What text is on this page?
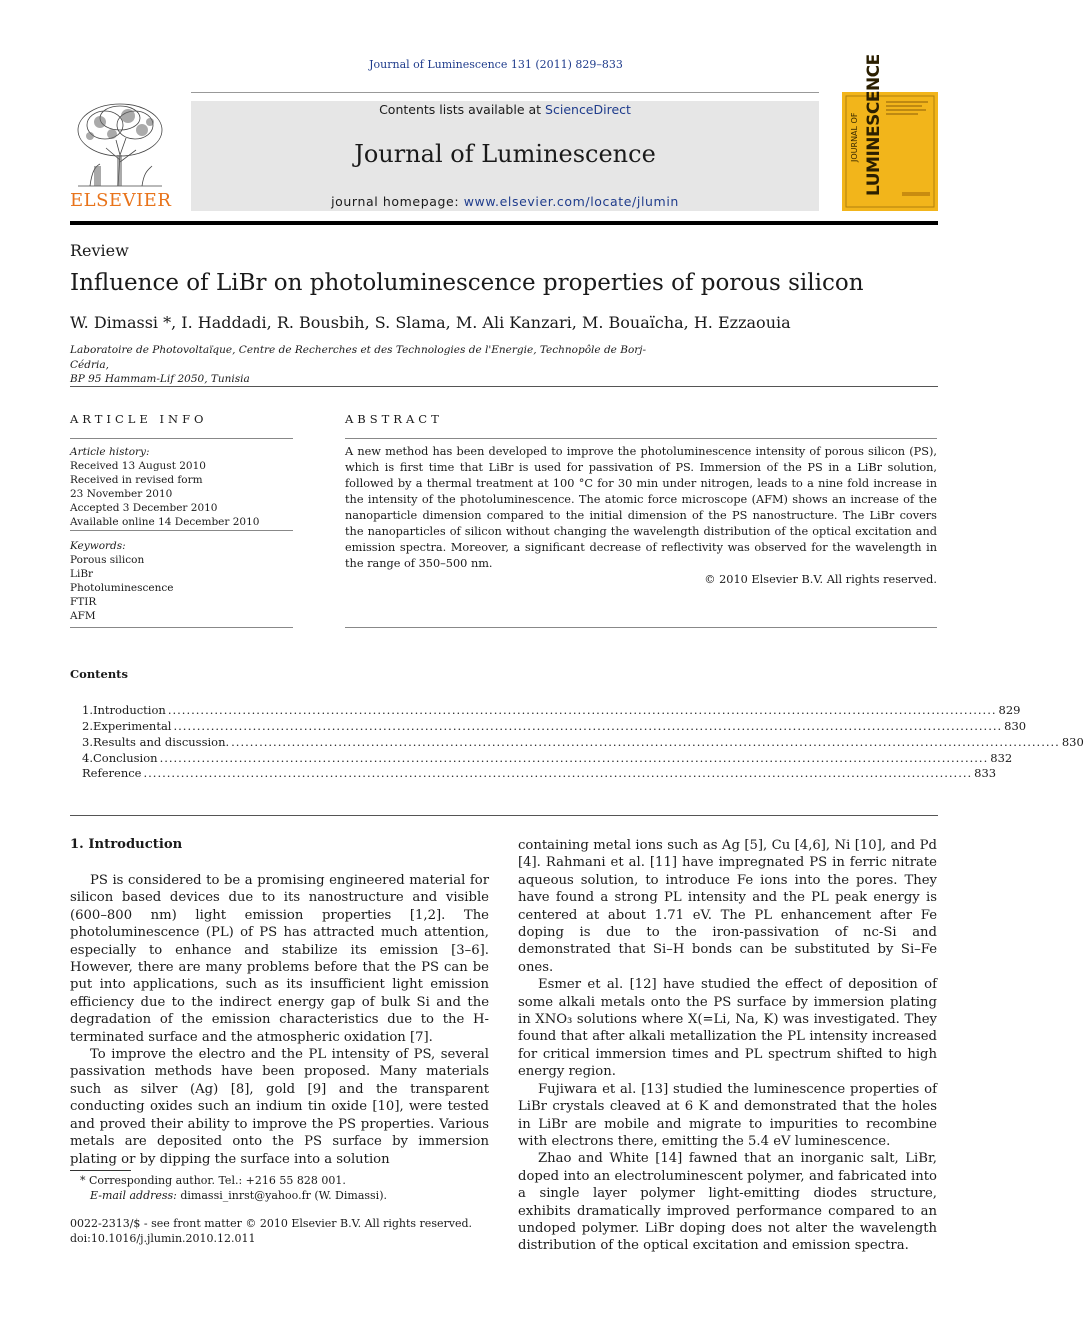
Journal of Luminescence 131 (2011) 829–833
ELSEVIER
Contents lists available at ScienceDirect
Journal of Luminescence
journal homepage: www.elsevier.com/locate/jlumin
JOURNAL OF LUMINESCENCE
Review
Influence of LiBr on photoluminescence properties of porous silicon
W. Dimassi *, I. Haddadi, R. Bousbih, S. Slama, M. Ali Kanzari, M. Bouaïcha, H. Ezzaouia
Laboratoire de Photovoltaïque, Centre de Recherches et des Technologies de l'Energie, Technopôle de Borj-Cédria,
BP 95 Hammam-Lif 2050, Tunisia
ARTICLE INFO
Article history:
Received 13 August 2010
Received in revised form
23 November 2010
Accepted 3 December 2010
Available online 14 December 2010
Keywords:
Porous silicon
LiBr
Photoluminescence
FTIR
AFM
ABSTRACT
A new method has been developed to improve the photoluminescence intensity of porous silicon (PS), which is first time that LiBr is used for passivation of PS. Immersion of the PS in a LiBr solution, followed by a thermal treatment at 100 °C for 30 min under nitrogen, leads to a nine fold increase in the intensity of the photoluminescence. The atomic force microscope (AFM) shows an increase of the nanoparticle dimension compared to the initial dimension of the PS nanostructure. The LiBr covers the nanoparticles of silicon without changing the wavelength distribution of the optical excitation and emission spectra. Moreover, a significant decrease of reflectivity was observed for the wavelength in the range of 350–500 nm.
© 2010 Elsevier B.V. All rights reserved.
Contents
1. Introduction .................................................................................................................................................................................. 829
2. Experimental .................................................................................................................................................................................. 830
3. Results and discussion. .................................................................................................................................................................................. 830
4. Conclusion .................................................................................................................................................................................. 832
Reference .................................................................................................................................................................................. 833
1. Introduction

PS is considered to be a promising engineered material for silicon based devices due to its nanostructure and visible (600–800 nm) light emission properties [1,2]. The photoluminescence (PL) of PS has attracted much attention, especially to enhance and stabilize its emission [3–6]. However, there are many problems before that the PS can be put into applications, such as its insufficient light emission efficiency due to the indirect energy gap of bulk Si and the degradation of the emission characteristics due to the H-terminated surface and the atmospheric oxidation [7].

To improve the electro and the PL intensity of PS, several passivation methods have been proposed. Many materials such as silver (Ag) [8], gold [9] and the transparent conducting oxides such an indium tin oxide [10], were tested and proved their ability to improve the PS properties. Various metals are deposited onto the PS surface by immersion plating or by dipping the surface into a solution

containing metal ions such as Ag [5], Cu [4,6], Ni [10], and Pd [4]. Rahmani et al. [11] have impregnated PS in ferric nitrate aqueous solution, to introduce Fe ions into the pores. They have found a strong PL intensity and the PL peak energy is centered at about 1.71 eV. The PL enhancement after Fe doping is due to the iron-passivation of nc-Si and demonstrated that Si–H bonds can be substituted by Si–Fe ones.

Esmer et al. [12] have studied the effect of deposition of some alkali metals onto the PS surface by immersion plating in XNO₃ solutions where X(=Li, Na, K) was investigated. They found that after alkali metallization the PL intensity increased for critical immersion times and PL spectrum shifted to high energy region.

Fujiwara et al. [13] studied the luminescence properties of LiBr crystals cleaved at 6 K and demonstrated that the holes in LiBr are mobile and migrate to impurities to recombine with electrons there, emitting the 5.4 eV luminescence.

Zhao and White [14] fawned that an inorganic salt, LiBr, doped into an electroluminescent polymer, and fabricated into a single layer polymer light-emitting diodes structure, exhibits dramatically improved performance compared to an undoped polymer. LiBr doping does not alter the wavelength distribution of the optical excitation and emission spectra.

* Corresponding author. Tel.: +216 55 828 001.
E-mail address: dimassi_inrst@yahoo.fr (W. Dimassi).
0022-2313/$ - see front matter © 2010 Elsevier B.V. All rights reserved.
doi:10.1016/j.jlumin.2010.12.011
